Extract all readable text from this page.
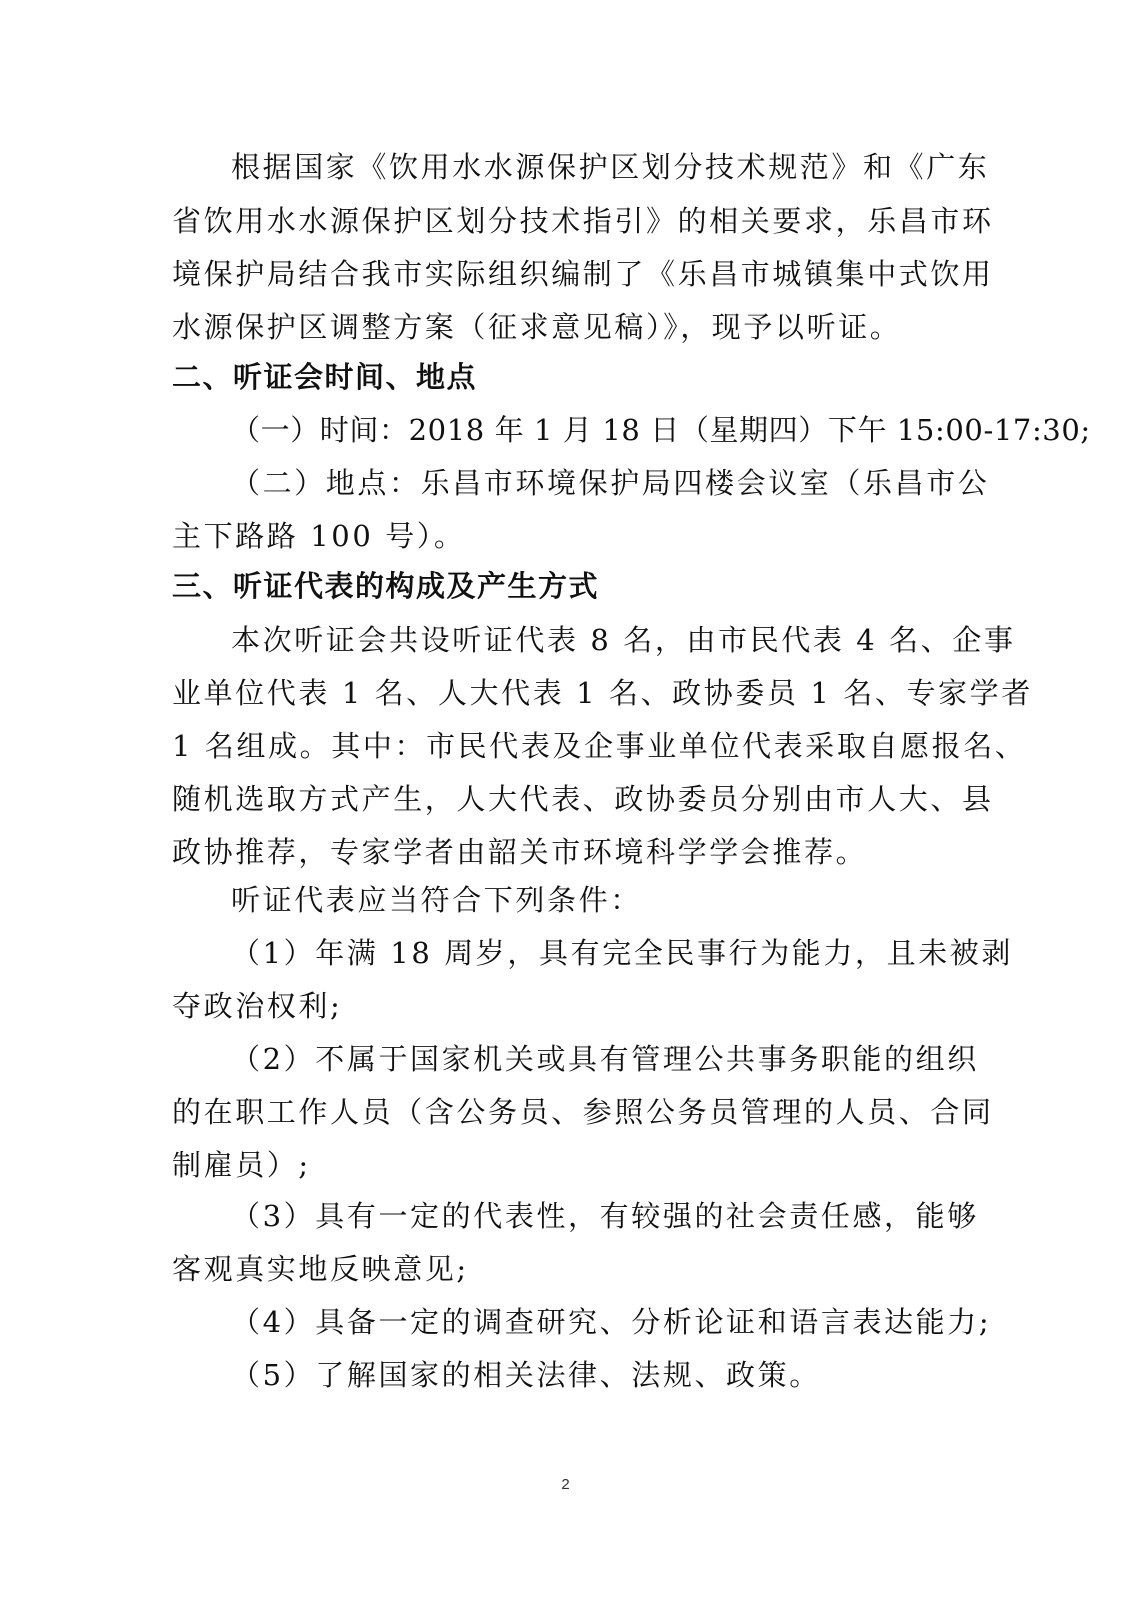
根据国家《饮用水水源保护区划分技术规范》和《广东
省饮用水水源保护区划分技术指引》的相关要求，乐昌市环
境保护局结合我市实际组织编制了《乐昌市城镇集中式饮用
水源保护区调整方案（征求意见稿）》，现予以听证。
二、听证会时间、地点
（一）时间：2018 年 1 月 18 日（星期四）下午 15:00-17:30;
（二）地点：乐昌市环境保护局四楼会议室（乐昌市公
主下路路 100 号）。
三、听证代表的构成及产生方式
本次听证会共设听证代表 8 名，由市民代表 4 名、企事
业单位代表 1 名、人大代表 1 名、政协委员 1 名、专家学者
1 名组成。其中：市民代表及企事业单位代表采取自愿报名、
随机选取方式产生，人大代表、政协委员分别由市人大、县
政协推荐，专家学者由韶关市环境科学学会推荐。
听证代表应当符合下列条件：
（1）年满 18 周岁，具有完全民事行为能力，且未被剥
夺政治权利;
（2）不属于国家机关或具有管理公共事务职能的组织
的在职工作人员（含公务员、参照公务员管理的人员、合同
制雇员）;
（3）具有一定的代表性，有较强的社会责任感，能够
客观真实地反映意见;
（4）具备一定的调查研究、分析论证和语言表达能力;
（5）了解国家的相关法律、法规、政策。
2
